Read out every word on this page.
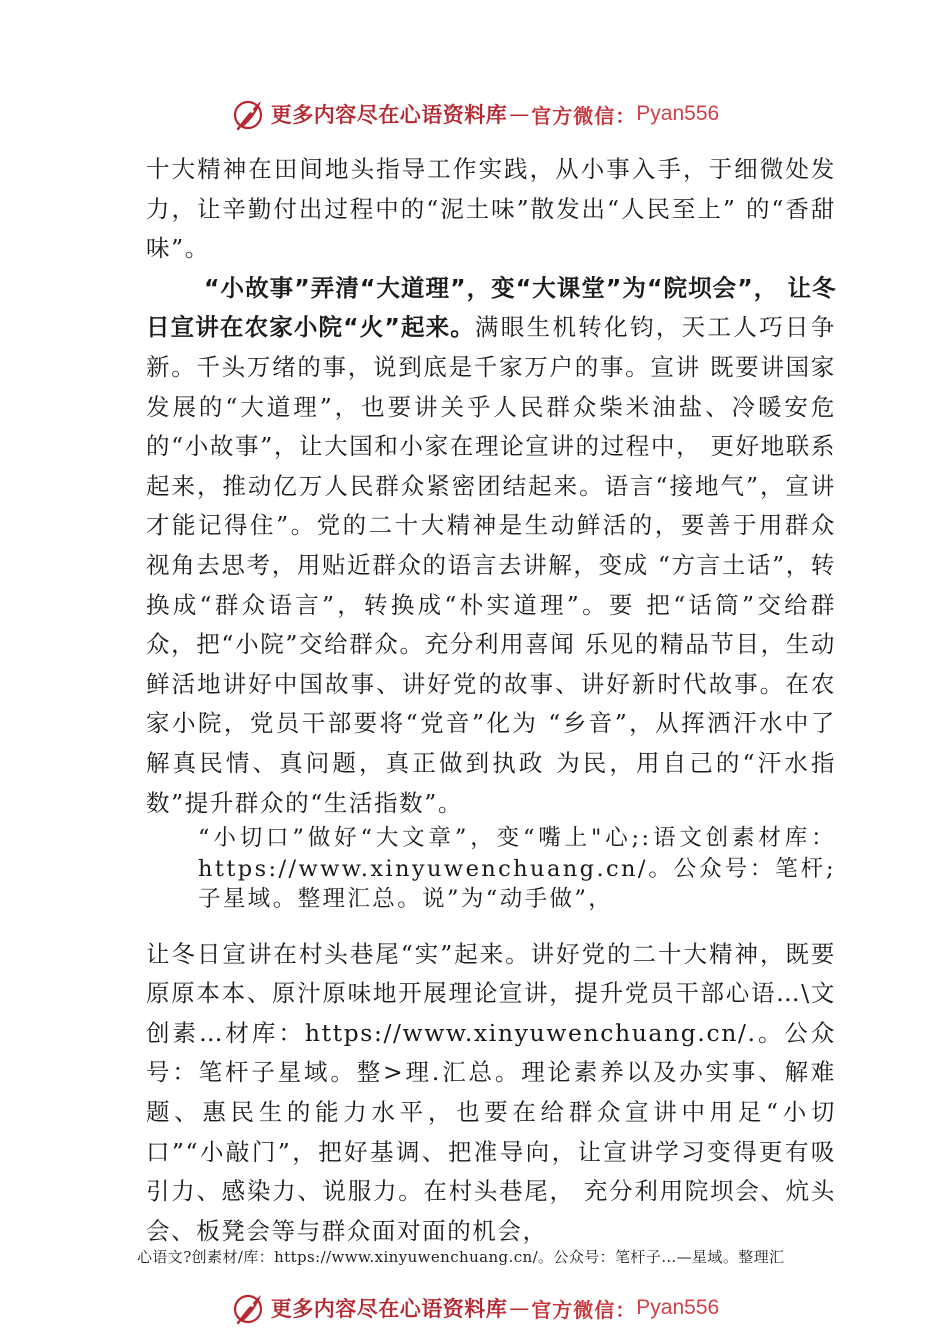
更多内容尽在心语资料库 — 官方微信： Pyan556

十大精神在田间地头指导工作实践，从小事入手，于细微处发力，让辛勤付出过程中的“泥土味”散发出“人民至上” 的“香甜味”。

“小故事”弄清“大道理”，变“大课堂”为“院坝会”， 让冬日宣讲在农家小院“火”起来。满眼生机转化钧，天工人巧日争新。千头万绪的事，说到底是千家万户的事。宣讲 既要讲国家发展的“大道理”，也要讲关乎人民群众柴米油盐、冷暖安危的“小故事”，让大国和小家在理论宣讲的过程中， 更好地联系起来，推动亿万人民群众紧密团结起来。语言“接地气”，宣讲才能记得住”。党的二十大精神是生动鲜活的，要善于用群众视角去思考，用贴近群众的语言去讲解，变成 “方言土话”，转换成“群众语言”，转换成“朴实道理”。要 把“话筒”交给群众，把“小院”交给群众。充分利用喜闻 乐见的精品节目，生动鲜活地讲好中国故事、讲好党的故事、讲好新时代故事。在农家小院，党员干部要将“党音”化为 “乡音”，从挥洒汗水中了解真民情、真问题，真正做到执政 为民，用自己的“汗水指数”提升群众的“生活指数”。

“小切口”做好“大文章”，变“嘴上"心;:语文创素材库：https://www.xinyuwenchuang.cn/。公众号：笔杆;子星域。整理汇总。说”为“动手做”，

让冬日宣讲在村头巷尾“实”起来。讲好党的二十大精神，既要原原本本、原汁原味地开展理论宣讲，提升党员干部心语…\文创素…材库：https://www.xinyuwenchuang.cn/.。公众号：笔杆子星域。整>理.汇总。理论素养以及办实事、解难题、惠民生的能力水平，也要在给群众宣讲中用足“小切口”“小敲门”，把好基调、把准导向，让宣讲学习变得更有吸引力、感染力、说服力。在村头巷尾， 充分利用院坝会、炕头会、板凳会等与群众面对面的机会，

心语文?创素材/库：https://www.xinyuwenchuang.cn/。公众号：笔杆子…—星域。整理汇
更多内容尽在心语资料库 — 官方微信： Pyan556
